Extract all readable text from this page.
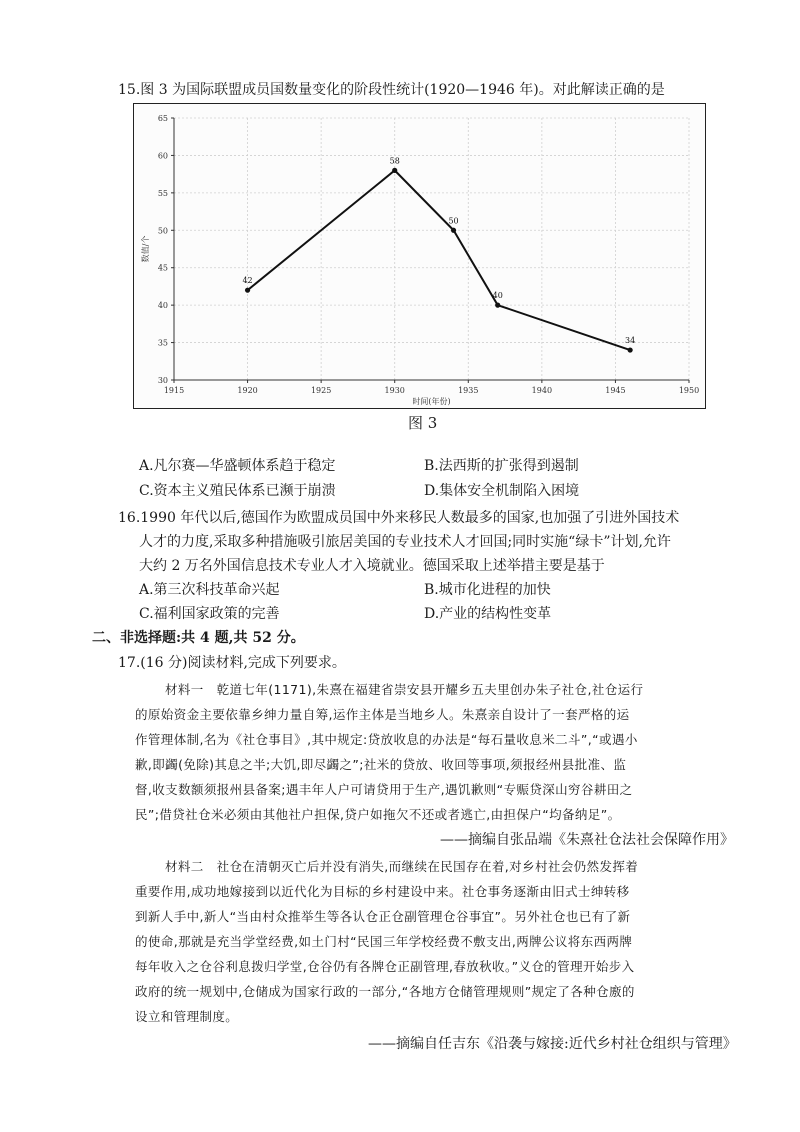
15.图 3 为国际联盟成员国数量变化的阶段性统计(1920—1946 年)。对此解读正确的是
1915	1920	1925	1930	1935	1940	1945	1950
30
35
40
45
50
55
60
65
时间(年份)
数值/个
42
58
50
40
34
图 3
A.凡尔赛—华盛顿体系趋于稳定	B.法西斯的扩张得到遏制
C.资本主义殖民体系已濒于崩溃	D.集体安全机制陷入困境
16.1990 年代以后,德国作为欧盟成员国中外来移民人数最多的国家,也加强了引进外国技术
人才的力度,采取多种措施吸引旅居美国的专业技术人才回国;同时实施“绿卡”计划,允许
大约 2 万名外国信息技术专业人才入境就业。德国采取上述举措主要是基于
A.第三次科技革命兴起	B.城市化进程的加快
C.福利国家政策的完善	D.产业的结构性变革
二、非选择题:共 4 题,共 52 分。
17.(16 分)阅读材料,完成下列要求。
材料一　乾道七年(1171),朱熹在福建省崇安县开耀乡五夫里创办朱子社仓,社仓运行
的原始资金主要依靠乡绅力量自筹,运作主体是当地乡人。朱熹亲自设计了一套严格的运
作管理体制,名为《社仓事目》,其中规定:贷放收息的办法是“每石量收息米二斗”,“或遇小
歉,即蠲(免除)其息之半;大饥,即尽蠲之”;社米的贷放、收回等事项,须报经州县批准、监
督,收支数额须报州县备案;遇丰年人户可请贷用于生产,遇饥歉则“专赈贷深山穷谷耕田之
民”;借贷社仓米必须由其他社户担保,贷户如拖欠不还或者逃亡,由担保户“均备纳足”。
——摘编自张品端《朱熹社仓法社会保障作用》
材料二　社仓在清朝灭亡后并没有消失,而继续在民国存在着,对乡村社会仍然发挥着
重要作用,成功地嫁接到以近代化为目标的乡村建设中来。社仓事务逐渐由旧式士绅转移
到新人手中,新人“当由村众推举生等各认仓正仓副管理仓谷事宜”。另外社仓也已有了新
的使命,那就是充当学堂经费,如土门村“民国三年学校经费不敷支出,两牌公议将东西两牌
每年收入之仓谷利息拨归学堂,仓谷仍有各牌仓正副管理,春放秋收。”义仓的管理开始步入
政府的统一规划中,仓储成为国家行政的一部分,“各地方仓储管理规则”规定了各种仓廒的
设立和管理制度。
——摘编自任吉东《沿袭与嫁接:近代乡村社仓组织与管理》
